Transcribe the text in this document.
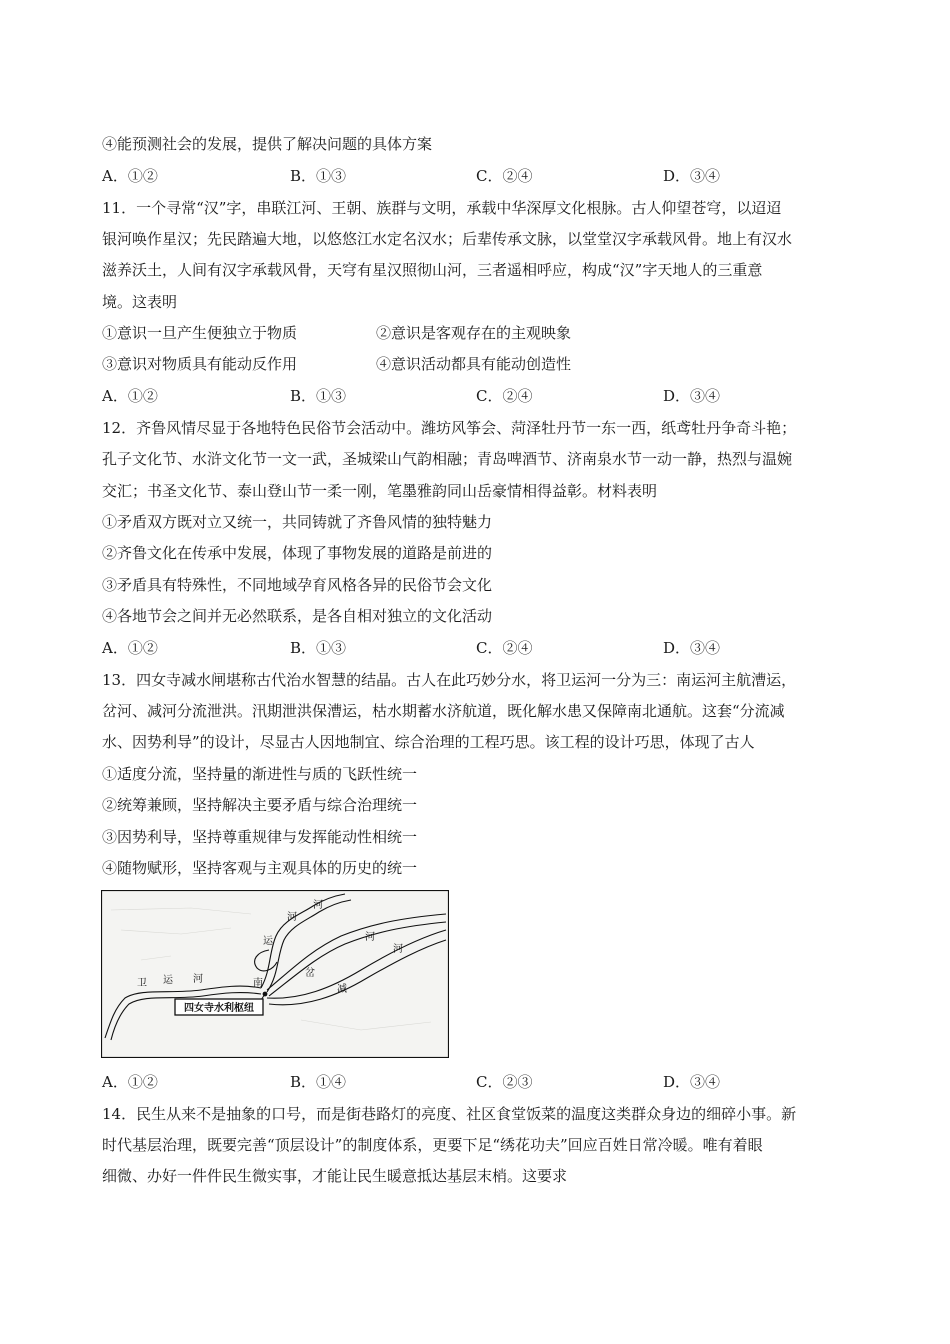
④能预测社会的发展，提供了解决问题的具体方案
A．①②	B．①③	C．②④	D．③④
11．一个寻常“汉”字，串联江河、王朝、族群与文明，承载中华深厚文化根脉。古人仰望苍穹，以迢迢
银河唤作星汉；先民踏遍大地，以悠悠江水定名汉水；后辈传承文脉，以堂堂汉字承载风骨。地上有汉水
滋养沃土，人间有汉字承载风骨，天穹有星汉照彻山河，三者遥相呼应，构成“汉”字天地人的三重意
境。这表明
①意识一旦产生便独立于物质	②意识是客观存在的主观映象
③意识对物质具有能动反作用	④意识活动都具有能动创造性
A．①②	B．①③	C．②④	D．③④
12．齐鲁风情尽显于各地特色民俗节会活动中。潍坊风筝会、菏泽牡丹节一东一西，纸鸢牡丹争奇斗艳；
孔子文化节、水浒文化节一文一武，圣城梁山气韵相融；青岛啤酒节、济南泉水节一动一静，热烈与温婉
交汇；书圣文化节、泰山登山节一柔一刚，笔墨雅韵同山岳豪情相得益彰。材料表明
①矛盾双方既对立又统一，共同铸就了齐鲁风情的独特魅力
②齐鲁文化在传承中发展，体现了事物发展的道路是前进的
③矛盾具有特殊性，不同地域孕育风格各异的民俗节会文化
④各地节会之间并无必然联系，是各自相对独立的文化活动
A．①②	B．①③	C．②④	D．③④
13．四女寺减水闸堪称古代治水智慧的结晶。古人在此巧妙分水，将卫运河一分为三：南运河主航漕运，
岔河、减河分流泄洪。汛期泄洪保漕运，枯水期蓄水济航道，既化解水患又保障南北通航。这套“分流减
水、因势利导”的设计，尽显古人因地制宜、综合治理的工程巧思。该工程的设计巧思，体现了古人
①适度分流，坚持量的渐进性与质的飞跃性统一
②统筹兼顾，坚持解决主要矛盾与综合治理统一
③因势利导，坚持尊重规律与发挥能动性相统一
④随物赋形，坚持客观与主观具体的历史的统一
卫 运 河	南
运
河
岔
河
减
河
河
四女寺水利枢纽
A．①②	B．①④	C．②③	D．③④
14．民生从来不是抽象的口号，而是街巷路灯的亮度、社区食堂饭菜的温度这类群众身边的细碎小事。新
时代基层治理，既要完善“顶层设计”的制度体系，更要下足“绣花功夫”回应百姓日常冷暖。唯有着眼
细微、办好一件件民生微实事，才能让民生暖意抵达基层末梢。这要求
